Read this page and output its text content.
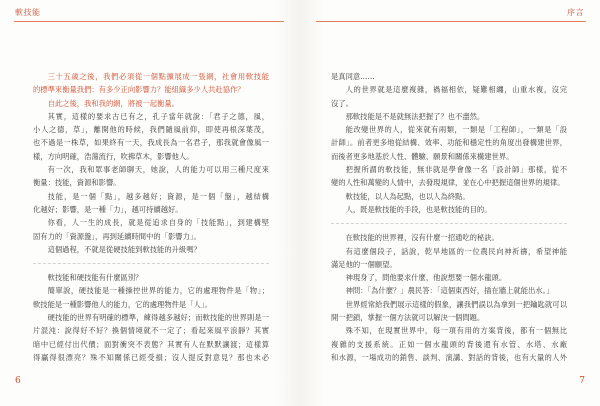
軟技能
三十五歲之後，我們必須從一個點擴展成一張網，社會用軟技能
的標準來衡量我們：有多少正向影響力？能組織多少人共赴協作？
自此之後，我和我的網，將被一起衡量。
其實，這樣的要求古已有之，孔子當年就說：「君子之德，風，
小人之德，草」，離開他的時候，我們隨風前仰，即使再根深葉茂，
也不過是一株草，如果終有一天，我成長為一名君子，那我就會像風一
樣，方向明確，浩蕩流行，吹拂草木，影響他人。
有一次，我和眾事老師聊天，她說，人的能力可以用三種尺度來
衡量：技能，資源和影響。
技能，是一個「點」，越多越好；資源，是一個「盤」，越結構
化越好；影響，是一種「力」，越可持續越好。
你看，人一生的成長，就是從追求自身的「技能點」，到建構堅
固有力的「資源盤」，再到延續時間中的「影響力」。
這個過程，不就是從硬技能到軟技能的升級嗎？
軟技能和硬技能有什麼區別？
簡單說，硬技能是一種操控世界的能力，它的處理物件是「物」；
軟技能是一種影響他人的能力，它的處理物件是「人」。
硬技能的世界有明確的標準，練得越多越好；而軟技能的世界則是一
片混沌：說得好不好？換個情境就不一定了；看起來風平浪靜？其實
暗中已經付出代價；面對衝突不表態？其實有人在默默讓渡；這樣算
得贏得很漂亮？殊不知關係已經受損；沒人提反對意見？那也未必
6
序言
是真同意……
人的世界就是這麼複雜，禍福相依，疑難相纏，山重水複，沒完
沒了。
那軟技能是不是就無法把握了？也不盡然。
能改變世界的人，從來就有兩類，一類是「工程師」，一類是「設
計師」。前者更多地從結構、效率、功能和穩定性的角度出發構建世界，
而後者更多地基於人性、體驗、願景和關係來構建世界。
把握所謂的軟技能，無非就是學會像一名「設計師」那樣，從不
變的人性和萬變的人情中，去發現規律，並在心中把握這個世界的規律。
軟技能，以人為起點，也以人為終點。
人，既是軟技能的手段，也是軟技能的目的。
在軟技能的世界裡，沒有什麼一招通吃的秘訣。
有這麼個段子，話說，乾旱地區的一位農民向神祈禱，希望神能
滿足他的一個願望。
神現身了，問他要求什麼，他說想要一個水龍頭。
神問：「為什麼？」農民答：「這個東西好，插在牆上就能出水。」
世界經常給我們展示這樣的假象，讓我們誤以為拿到一把鑰匙就可以
開一把鎖，掌握一個方法就可以解決一個問題。
殊不知，在現實世界中，每一項有用的方案背後，都有一個無比
複雜的支援系統。正如一個水龍頭的背後還有水管、水塔、水廠
和水源，一場成功的銷售、談判、演講、對話的背後，也有大量的人外
7
